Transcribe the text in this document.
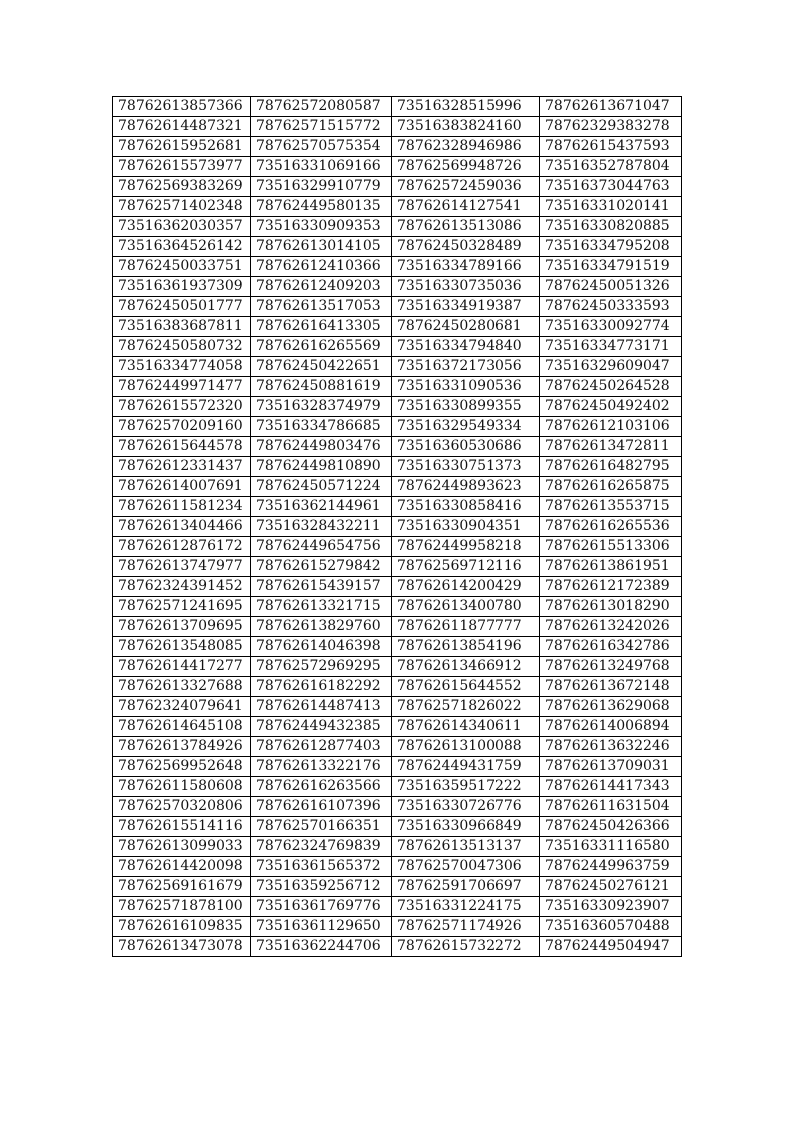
78762613857366	78762572080587	73516328515996	78762613671047
78762614487321	78762571515772	73516383824160	78762329383278
78762615952681	78762570575354	78762328946986	78762615437593
78762615573977	73516331069166	78762569948726	73516352787804
78762569383269	73516329910779	78762572459036	73516373044763
78762571402348	78762449580135	78762614127541	73516331020141
73516362030357	73516330909353	78762613513086	73516330820885
73516364526142	78762613014105	78762450328489	73516334795208
78762450033751	78762612410366	73516334789166	73516334791519
73516361937309	78762612409203	73516330735036	78762450051326
78762450501777	78762613517053	73516334919387	78762450333593
73516383687811	78762616413305	78762450280681	73516330092774
78762450580732	78762616265569	73516334794840	73516334773171
73516334774058	78762450422651	73516372173056	73516329609047
78762449971477	78762450881619	73516331090536	78762450264528
78762615572320	73516328374979	73516330899355	78762450492402
78762570209160	73516334786685	73516329549334	78762612103106
78762615644578	78762449803476	73516360530686	78762613472811
78762612331437	78762449810890	73516330751373	78762616482795
78762614007691	78762450571224	78762449893623	78762616265875
78762611581234	73516362144961	73516330858416	78762613553715
78762613404466	73516328432211	73516330904351	78762616265536
78762612876172	78762449654756	78762449958218	78762615513306
78762613747977	78762615279842	78762569712116	78762613861951
78762324391452	78762615439157	78762614200429	78762612172389
78762571241695	78762613321715	78762613400780	78762613018290
78762613709695	78762613829760	78762611877777	78762613242026
78762613548085	78762614046398	78762613854196	78762616342786
78762614417277	78762572969295	78762613466912	78762613249768
78762613327688	78762616182292	78762615644552	78762613672148
78762324079641	78762614487413	78762571826022	78762613629068
78762614645108	78762449432385	78762614340611	78762614006894
78762613784926	78762612877403	78762613100088	78762613632246
78762569952648	78762613322176	78762449431759	78762613709031
78762611580608	78762616263566	73516359517222	78762614417343
78762570320806	78762616107396	73516330726776	78762611631504
78762615514116	78762570166351	73516330966849	78762450426366
78762613099033	78762324769839	78762613513137	73516331116580
78762614420098	73516361565372	78762570047306	78762449963759
78762569161679	73516359256712	78762591706697	78762450276121
78762571878100	73516361769776	73516331224175	73516330923907
78762616109835	73516361129650	78762571174926	73516360570488
78762613473078	73516362244706	78762615732272	78762449504947
